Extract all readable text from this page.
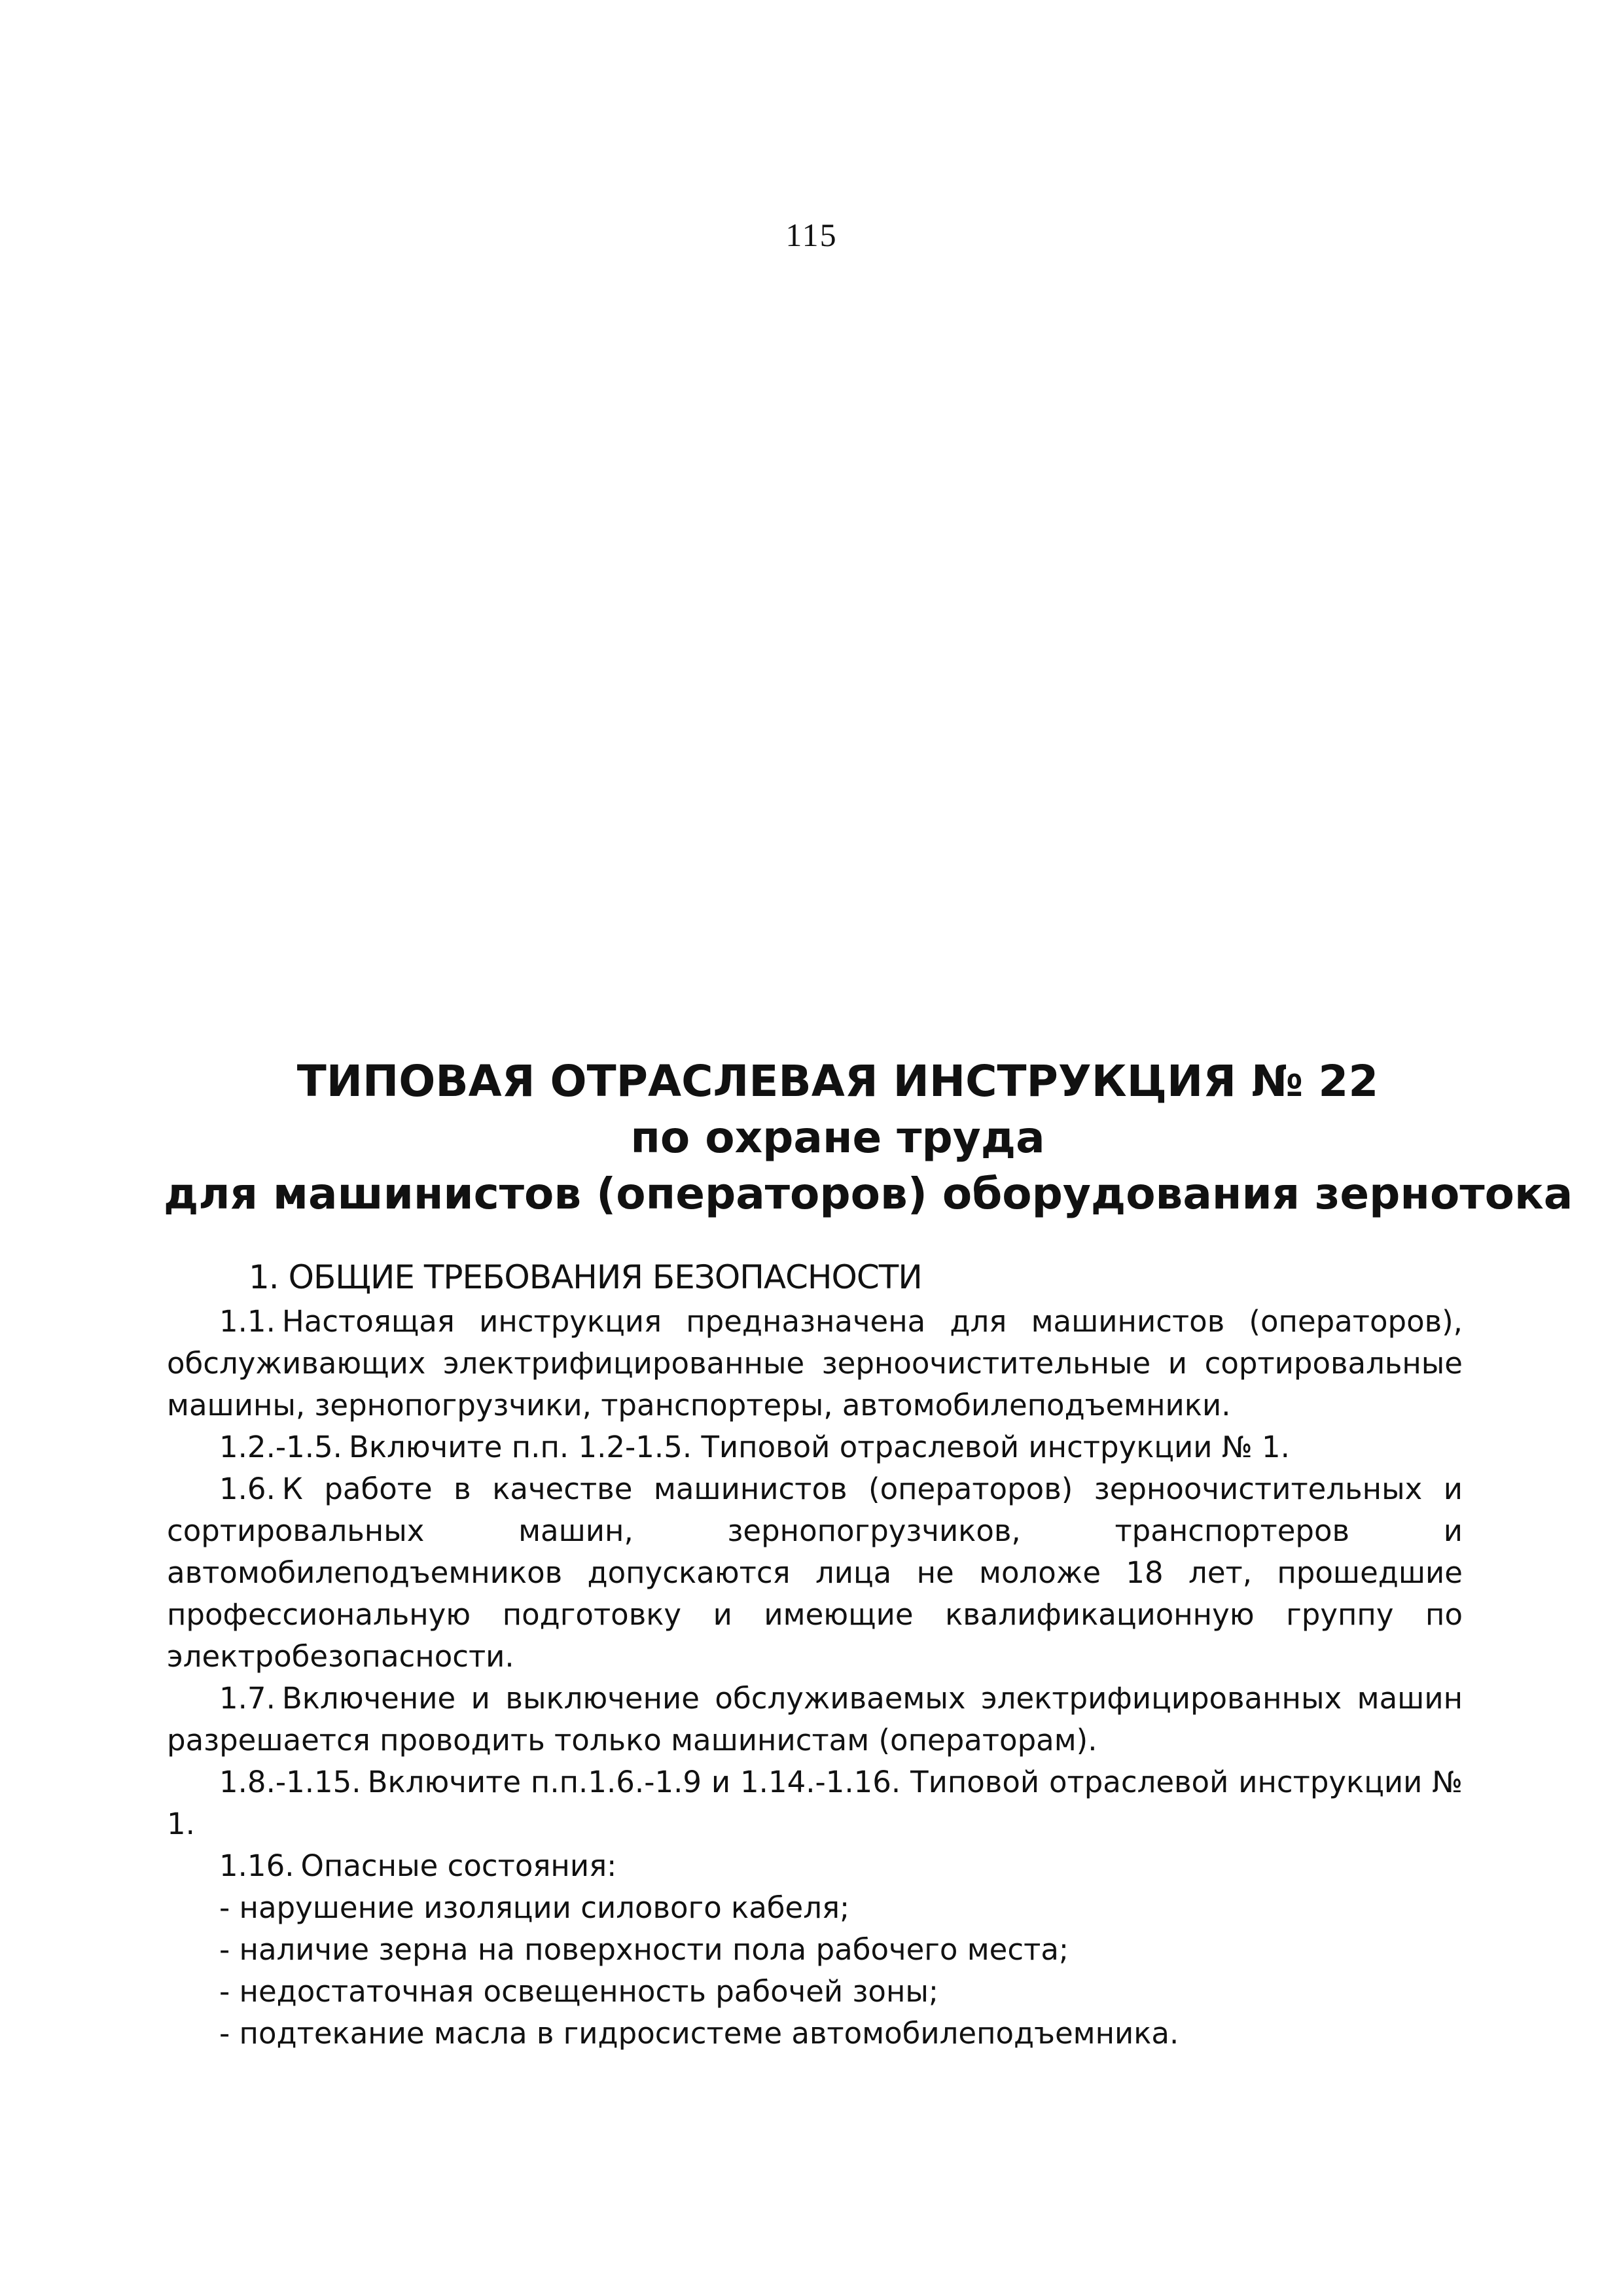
115
ТИПОВАЯ ОТРАСЛЕВАЯ ИНСТРУКЦИЯ № 22
по охране труда
для машинистов (операторов) оборудования зернотока
1. ОБЩИЕ ТРЕБОВАНИЯ БЕЗОПАСНОСТИ

1.1. Настоящая инструкция предназначена для машинистов (операторов), обслуживающих электрифицированные зерноочистительные и сортировальные машины, зернопогрузчики, транспортеры, автомобилеподъемники.

1.2.-1.5. Включите п.п. 1.2-1.5. Типовой отраслевой инструкции № 1.

1.6. К работе в качестве машинистов (операторов) зерноочистительных и сортировальных машин, зернопогрузчиков, транспортеров и автомобилеподъемников допускаются лица не моложе 18 лет, прошедшие профессиональную подготовку и имеющие квалификационную группу по электробезопасности.

1.7. Включение и выключение обслуживаемых электрифицированных машин разрешается проводить только машинистам (операторам).

1.8.-1.15. Включите п.п.1.6.-1.9 и 1.14.-1.16. Типовой отраслевой инструкции № 1.

1.16. Опасные состояния:

- нарушение изоляции силового кабеля;
- наличие зерна на поверхности пола рабочего места;
- недостаточная освещенность рабочей зоны;
- подтекание масла в гидросистеме автомобилеподъемника.
